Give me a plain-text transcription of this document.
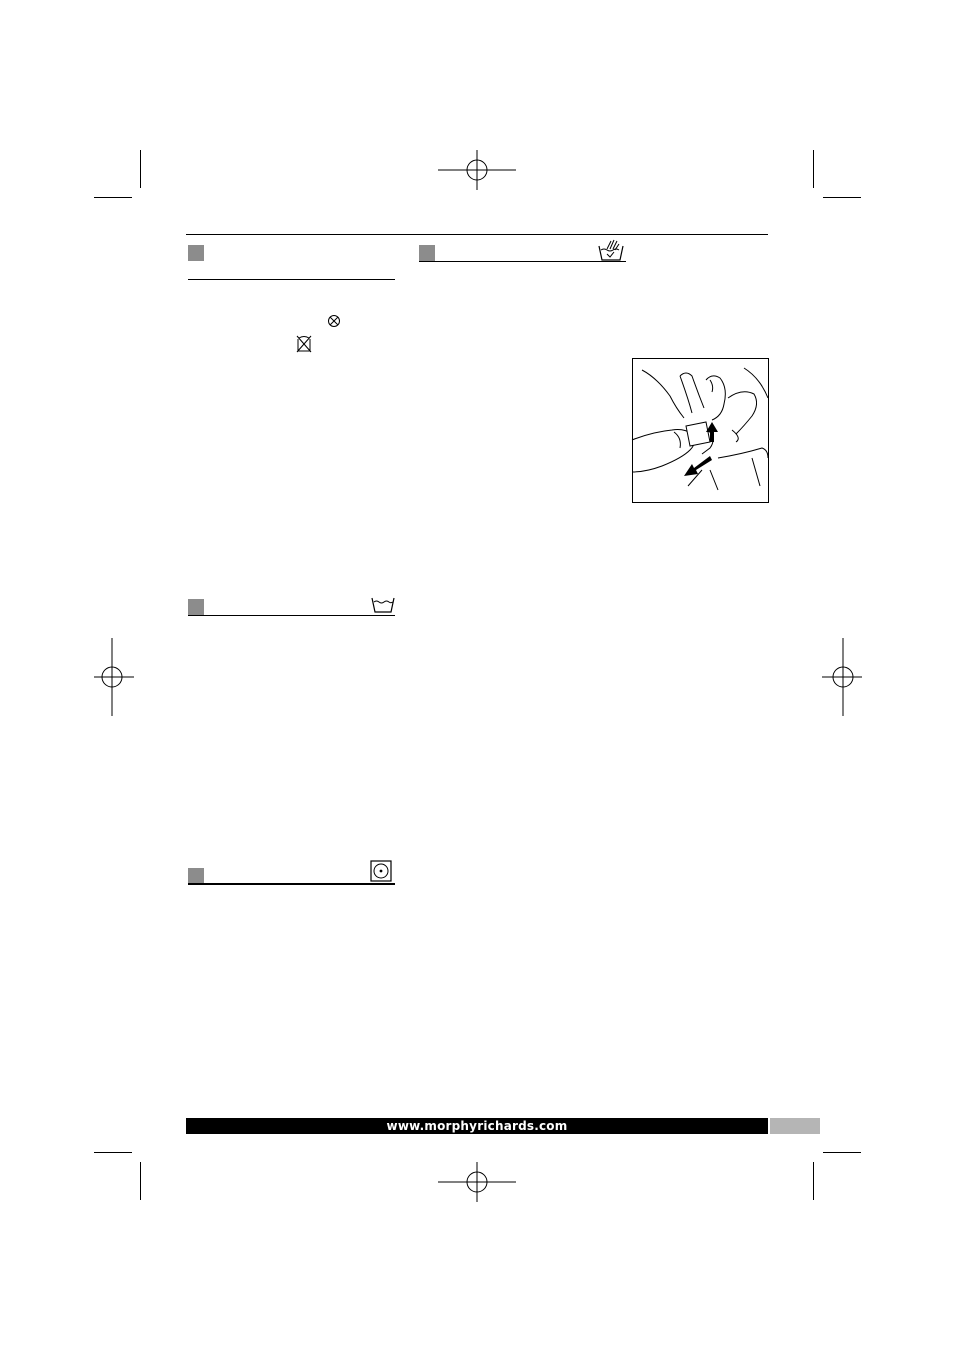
www.morphyrichards.com
